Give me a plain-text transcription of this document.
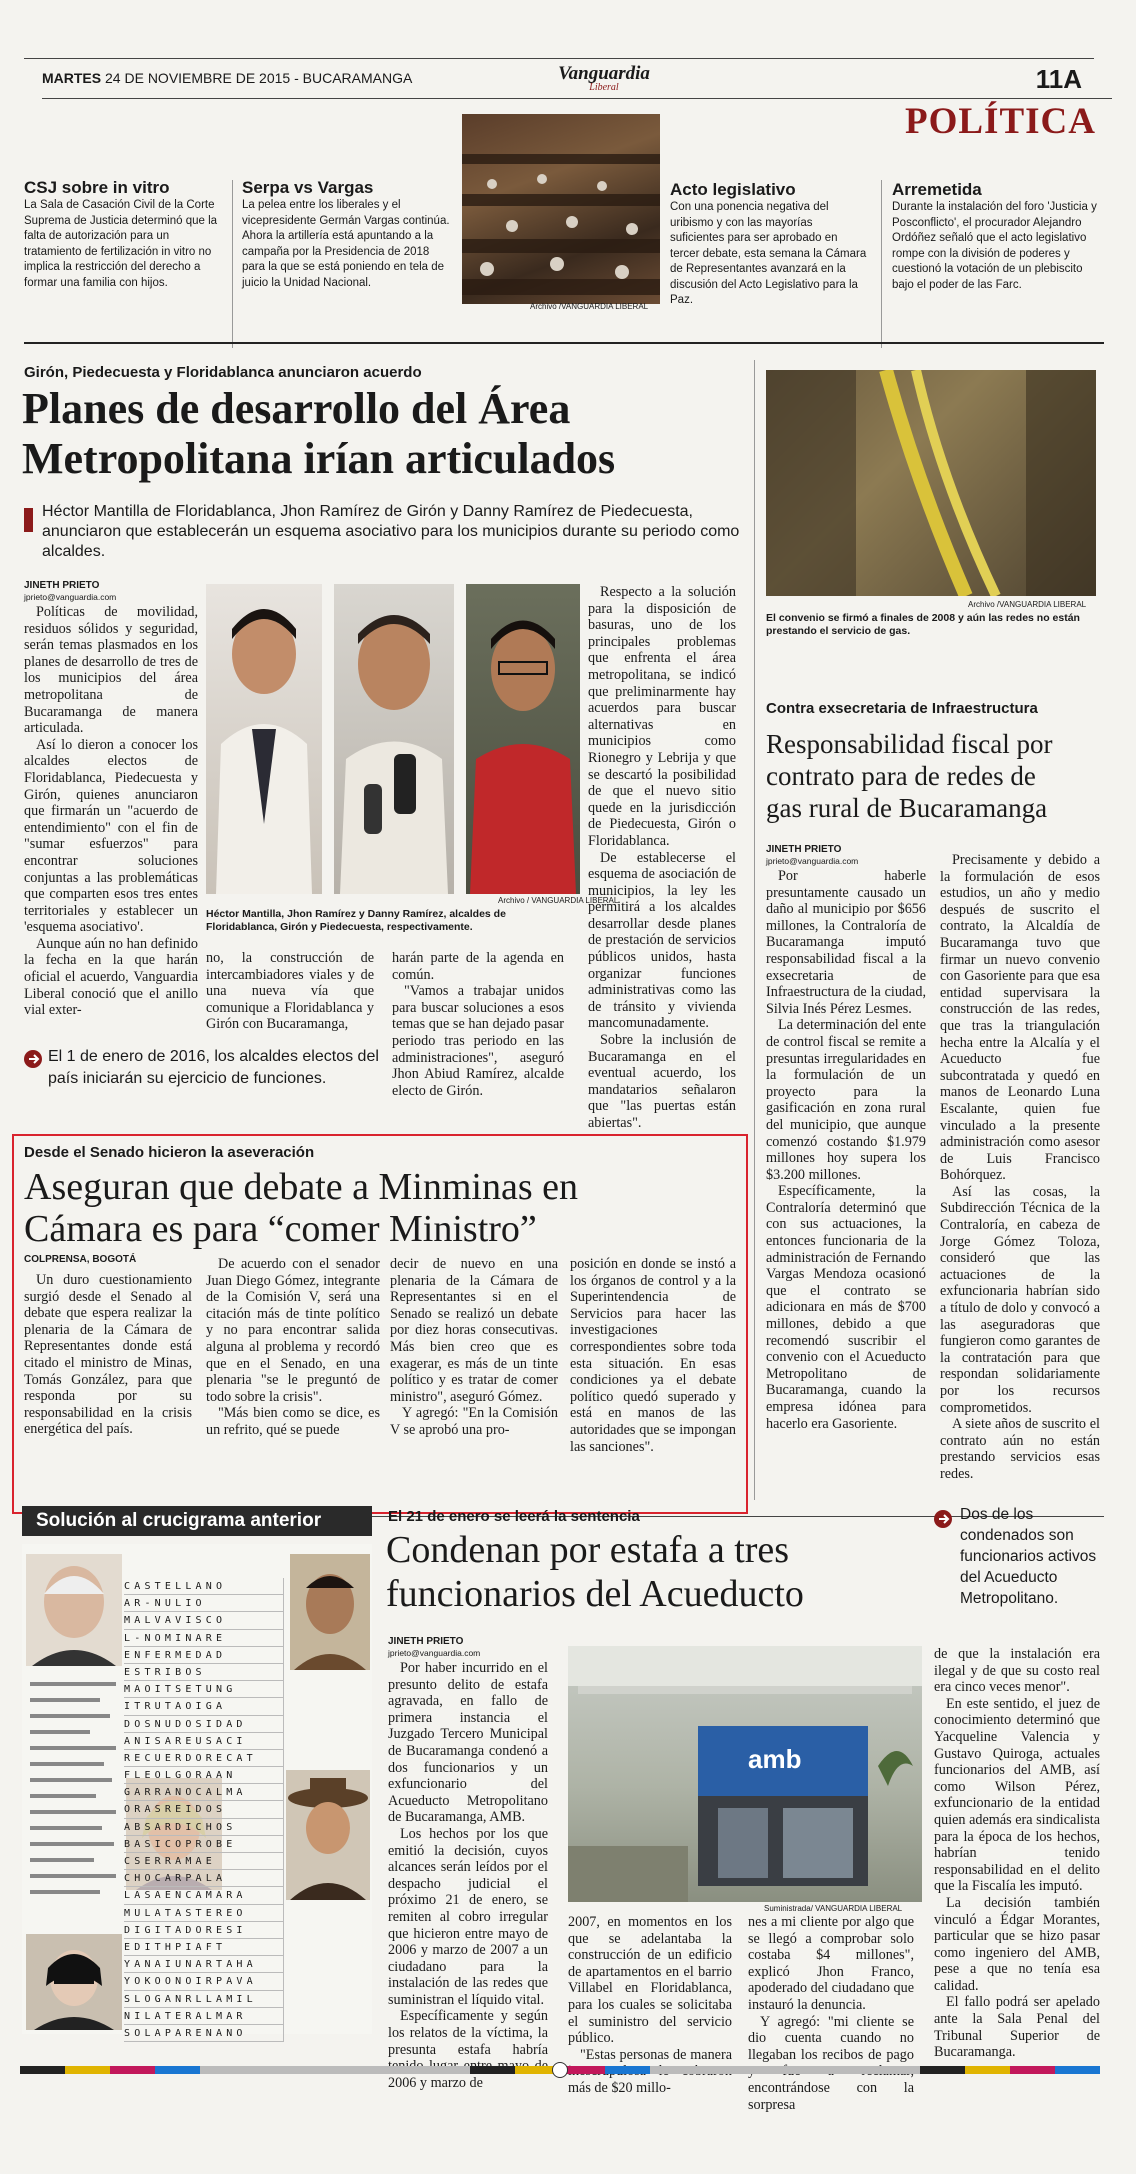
MARTES 24 DE NOVIEMBRE DE 2015 - BUCARAMANGA	Vanguardia
Liberal	11A
POLÍTICA
CSJ sobre in vitro
La Sala de Casación Civil de la Corte Suprema de Justicia determinó que la falta de autorización para un tratamiento de fertilización in vitro no implica la restricción del derecho a formar una familia con hijos.
Serpa vs Vargas
La pelea entre los liberales y el vicepresidente Germán Vargas continúa. Ahora la artillería está apuntando a la campaña por la Presidencia de 2018 para la que se está poniendo en tela de juicio la Unidad Nacional.
Archivo /VANGUARDIA LIBERAL
Acto legislativo
Con una ponencia negativa del uribismo y con las mayorías suficientes para ser aprobado en tercer debate, esta semana la Cámara de Representantes avanzará en la discusión del Acto Legislativo para la Paz.
Arremetida
Durante la instalación del foro 'Justicia y Posconflicto', el procurador Alejandro Ordóñez señaló que el acto legislativo rompe con la división de poderes y cuestionó la votación de un plebiscito bajo el poder de las Farc.
Girón, Piedecuesta y Floridablanca anunciaron acuerdo
Planes de desarrollo del Área
Metropolitana irían articulados
Héctor Mantilla de Floridablanca, Jhon Ramírez de Girón y Danny Ramírez de Piedecuesta, anunciaron que establecerán un esquema asociativo para los municipios durante su periodo como alcaldes.
JINETH PRIETO
jprieto@vanguardia.com

Políticas de movilidad, residuos sólidos y seguridad, serán temas plasmados en los planes de desarrollo de tres de los municipios del área metropolitana de Bucaramanga de manera articulada.

Así lo dieron a conocer los alcaldes electos de Floridablanca, Piedecuesta y Girón, quienes anunciaron que firmarán un "acuerdo de entendimiento" con el fin de "sumar esfuerzos" para encontrar soluciones conjuntas a las problemáticas que comparten esos tres entes territoriales y establecer un 'esquema asociativo'.

Aunque aún no han definido la fecha en la que harán oficial el acuerdo, Vanguardia Liberal conoció que el anillo vial exter-

Archivo / VANGUARDIA LIBERAL
Héctor Mantilla, Jhon Ramírez y Danny Ramírez, alcaldes de Floridablanca, Girón y Piedecuesta, respectivamente.

no, la construcción de intercambiadores viales y de una nueva vía que comunique a Floridablanca y Girón con Bucaramanga,

harán parte de la agenda en común.

"Vamos a trabajar unidos para buscar soluciones a esos temas que se han dejado pasar periodo tras periodo en las administraciones", aseguró Jhon Abiud Ramírez, alcalde electo de Girón.

Respecto a la solución para la disposición de basuras, uno de los principales problemas que enfrenta el área metropolitana, se indicó que preliminarmente hay acuerdos para buscar alternativas en municipios como Rionegro y Lebrija y que se descartó la posibilidad de que el nuevo sitio quede en la jurisdicción de Piedecuesta, Girón o Floridablanca.

De establecerse el esquema de asociación de municipios, la ley les permitirá a los alcaldes desarrollar desde planes de prestación de servicios públicos unidos, hasta organizar funciones administrativas como las de tránsito y vivienda mancomunadamente.

Sobre la inclusión de Bucaramanga en el eventual acuerdo, los mandatarios señalaron que "las puertas están abiertas".

El 1 de enero de 2016, los alcaldes electos del país iniciarán su ejercicio de funciones.
Desde el Senado hicieron la aseveración
Aseguran que debate a Minminas en
Cámara es para “comer Ministro”
COLPRENSA, BOGOTÁ

Un duro cuestionamiento surgió desde el Senado al debate que espera realizar la plenaria de la Cámara de Representantes donde está citado el ministro de Minas, Tomás González, para que responda por su responsabilidad en la crisis energética del país.

De acuerdo con el senador Juan Diego Gómez, integrante de la Comisión V, será una citación más de tinte político y no para encontrar salida alguna al problema y recordó que en el Senado, en una plenaria "se le preguntó de todo sobre la crisis".

"Más bien como se dice, es un refrito, qué se puede

decir de nuevo en una plenaria de la Cámara de Representantes si en el Senado se realizó un debate por diez horas consecutivas. Más bien creo que es exagerar, es más de un tinte político y es tratar de comer ministro", aseguró Gómez.

Y agregó: "En la Comisión V se aprobó una pro-

posición en donde se instó a los órganos de control y a la Superintendencia de Servicios para hacer las investigaciones correspondientes sobre toda esta situación. En esas condiciones ya el debate político quedó superado y está en manos de las autoridades que se impongan las sanciones".

Archivo /VANGUARDIA LIBERAL
El convenio se firmó a finales de 2008 y aún las redes no están prestando el servicio de gas.
Contra exsecretaria de Infraestructura
Responsabilidad fiscal por
contrato para de redes de
gas rural de Bucaramanga
JINETH PRIETO
jprieto@vanguardia.com

Por haberle presuntamente causado un daño al municipio por $656 millones, la Contraloría de Bucaramanga imputó responsabilidad fiscal a la exsecretaria de Infraestructura de la ciudad, Silvia Inés Pérez Lesmes.

La determinación del ente de control fiscal se remite a presuntas irregularidades en la formulación de un proyecto para la gasificación en zona rural del municipio, que aunque comenzó costando $1.979 millones hoy supera los $3.200 millones.

Específicamente, la Contraloría determinó que con sus actuaciones, la entonces funcionaria de la administración de Fernando Vargas Mendoza ocasionó que el contrato se adicionara en más de $700 millones, debido a que recomendó suscribir el convenio con el Acueducto Metropolitano de Bucaramanga, cuando la empresa idónea para hacerlo era Gasoriente.

Precisamente y debido a la formulación de esos estudios, un año y medio después de suscrito el contrato, la Alcaldía de Bucaramanga tuvo que firmar un nuevo convenio con Gasoriente para que esa entidad supervisara la construcción de las redes, que tras la triangulación hecha entre la Alcalía y el Acueducto fue subcontratada y quedó en manos de Leonardo Luna Escalante, quien fue vinculado a la presente administración como asesor de Luis Francisco Bohórquez.

Así las cosas, la Subdirección Técnica de la Contraloría, en cabeza de Jorge Gómez Toloza, consideró que las actuaciones de la exfuncionaria habrían sido a título de dolo y convocó a las aseguradoras que fungieron como garantes de la contratación para que respondan solidariamente por los recursos comprometidos.

A siete años de suscrito el contrato aún no están prestando servicios esas redes.

Solución al crucigrama anterior
CASTELLANO
AR-NULIO
MALVAVISCO
L-NOMINARE
ENFERMEDAD
ESTRIBOS
MAOITSETUNG
ITRUTAOIGA
DOSNUDOSIDAD
ANISAREUSACI
RECUERDORECAT
FLEOLGORAAN
GARRANOCALMA
ORASREIDOS
ABSARDICHOS
BASICOPROBE
CSERRAMAE
CHOCARPALA
LASAENCAMARA
MULATASTEREO
DIGITADORESI
EDITHPIAFT
YANAIUNARTAHA
YOKOONOIRPAVA
SLOGANRLLAMIL
NILATERALMAR
SOLAPARENANO
El 21 de enero se leerá la sentencia
Condenan por estafa a tres
funcionarios del Acueducto
JINETH PRIETO
jprieto@vanguardia.com
Dos de los condenados son funcionarios activos del Acueducto Metropolitano.

Por haber incurrido en el presunto delito de estafa agravada, en fallo de primera instancia el Juzgado Tercero Municipal de Bucaramanga condenó a dos funcionarios y un exfuncionario del Acueducto Metropolitano de Bucaramanga, AMB.

Los hechos por los que emitió la decisión, cuyos alcances serán leídos por el despacho judicial el próximo 21 de enero, se remiten al cobro irregular que hicieron entre mayo de 2006 y marzo de 2007 a un ciudadano para la instalación de las redes que suministran el líquido vital.

Específicamente y según los relatos de la víctima, la presunta estafa habría 2006 y marzo de

amb
Suministrada/ VANGUARDIA LIBERAL

2007, en momentos en los que se adelantaba la construcción de un edificio de apartamentos en el barrio Villabel en Floridablanca, para los cuales se solicitaba el suministro del servicio público.

"Estas personas de manera más de $20 millo-

nes a mi cliente por algo que se llegó a comprobar solo costaba $4 millones", explicó Jhon Franco, apoderado del ciudadano que instauró la denuncia.

Y agregó: "mi cliente se dio cuenta cuando no llegaban los recibos de pago encontrándose con la sorpresa

de que la instalación era ilegal y de que su costo real era cinco veces menor".

En este sentido, el juez de conocimiento determinó que Yacqueline Valencia y Gustavo Quiroga, actuales funcionarios del AMB, así como Wilson Pérez, exfuncionario de la entidad quien además era sindicalista para la época de los hechos, habrían tenido responsabilidad en el delito que la Fiscalía les imputó.

La decisión también vinculó a Édgar Morantes, particular que se hizo pasar como ingeniero del AMB, pese a que no tenía esa calidad.

El fallo podrá ser apelado ante la Sala Penal del Tribunal Superior de Bucaramanga.
